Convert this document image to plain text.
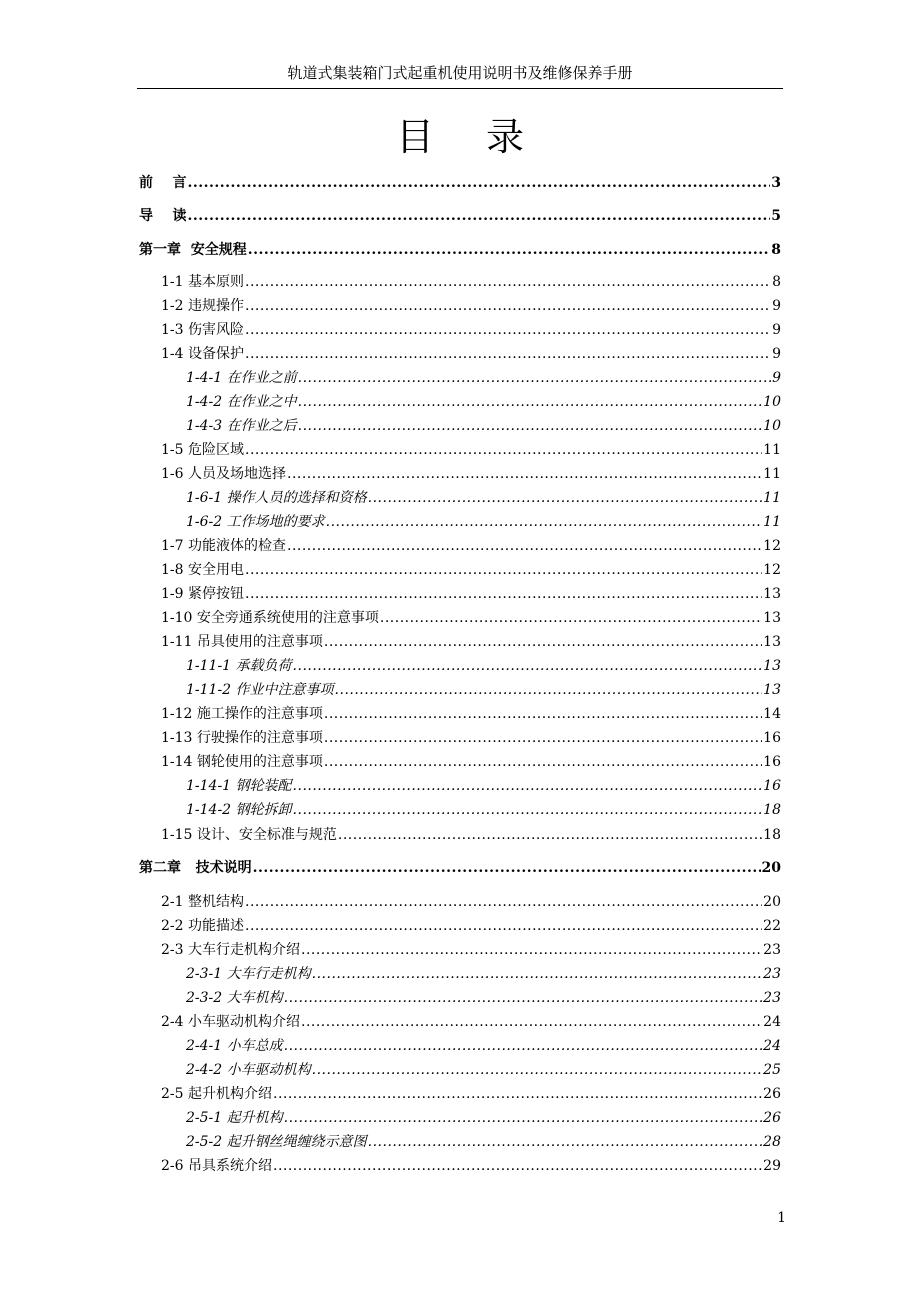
轨道式集装箱门式起重机使用说明书及维修保养手册
目录
前    言 .....	3
导    读 .....	5
第一章  安全规程 .....	8
1-1 基本原则 .....	8
1-2 违规操作 .....	9
1-3 伤害风险 .....	9
1-4 设备保护 .....	9
1-4-1 在作业之前 .....	9
1-4-2 在作业之中 .....	10
1-4-3 在作业之后 .....	10
1-5 危险区域 .....	11
1-6 人员及场地选择 .....	11
1-6-1 操作人员的选择和资格 .....	11
1-6-2 工作场地的要求 .....	11
1-7 功能液体的检查 .....	12
1-8 安全用电 .....	12
1-9 紧停按钮 .....	13
1-10 安全旁通系统使用的注意事项 .....	13
1-11 吊具使用的注意事项 .....	13
1-11-1 承载负荷 .....	13
1-11-2 作业中注意事项 .....	13
1-12 施工操作的注意事项 .....	14
1-13 行驶操作的注意事项 .....	16
1-14 钢轮使用的注意事项 .....	16
1-14-1 钢轮装配 .....	16
1-14-2 钢轮拆卸 .....	18
1-15 设计、安全标准与规范 .....	18
第二章   技术说明 .....	20
2-1 整机结构 .....	20
2-2 功能描述 .....	22
2-3 大车行走机构介绍 .....	23
2-3-1 大车行走机构 .....	23
2-3-2 大车机构 .....	23
2-4 小车驱动机构介绍 .....	24
2-4-1 小车总成 .....	24
2-4-2 小车驱动机构 .....	25
2-5 起升机构介绍 .....	26
2-5-1 起升机构 .....	26
2-5-2 起升钢丝绳缠绕示意图 .....	28
2-6 吊具系统介绍 .....	29
1
